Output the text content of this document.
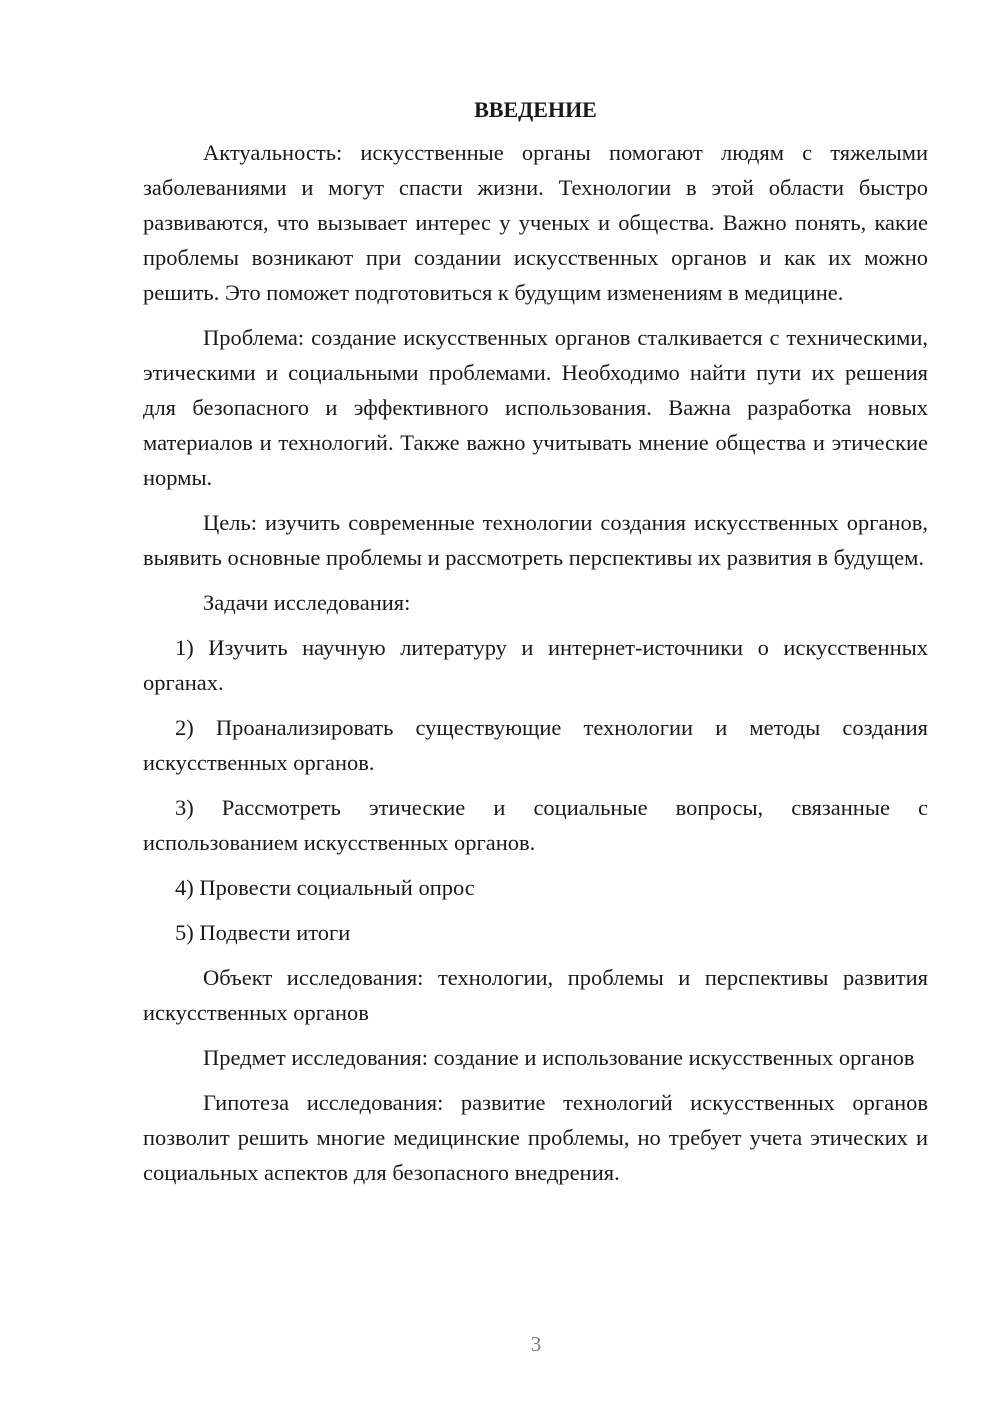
ВВЕДЕНИЕ

Актуальность: искусственные органы помогают людям с тяжелыми заболеваниями и могут спасти жизни. Технологии в этой области быстро развиваются, что вызывает интерес у ученых и общества. Важно понять, какие проблемы возникают при создании искусственных органов и как их можно решить. Это поможет подготовиться к будущим изменениям в медицине.

Проблема: создание искусственных органов сталкивается с техническими, этическими и социальными проблемами. Необходимо найти пути их решения для безопасного и эффективного использования. Важна разработка новых материалов и технологий. Также важно учитывать мнение общества и этические нормы.

Цель: изучить современные технологии создания искусственных органов, выявить основные проблемы и рассмотреть перспективы их развития в будущем.

Задачи исследования:

1) Изучить научную литературу и интернет-источники о искусственных органах.

2) Проанализировать существующие технологии и методы создания искусственных органов.

3) Рассмотреть этические и социальные вопросы, связанные с использованием искусственных органов.

4) Провести социальный опрос

5) Подвести итоги

Объект исследования: технологии, проблемы и перспективы развития искусственных органов

Предмет исследования: создание и использование искусственных органов

Гипотеза исследования: развитие технологий искусственных органов позволит решить многие медицинские проблемы, но требует учета этических и социальных аспектов для безопасного внедрения.

3
